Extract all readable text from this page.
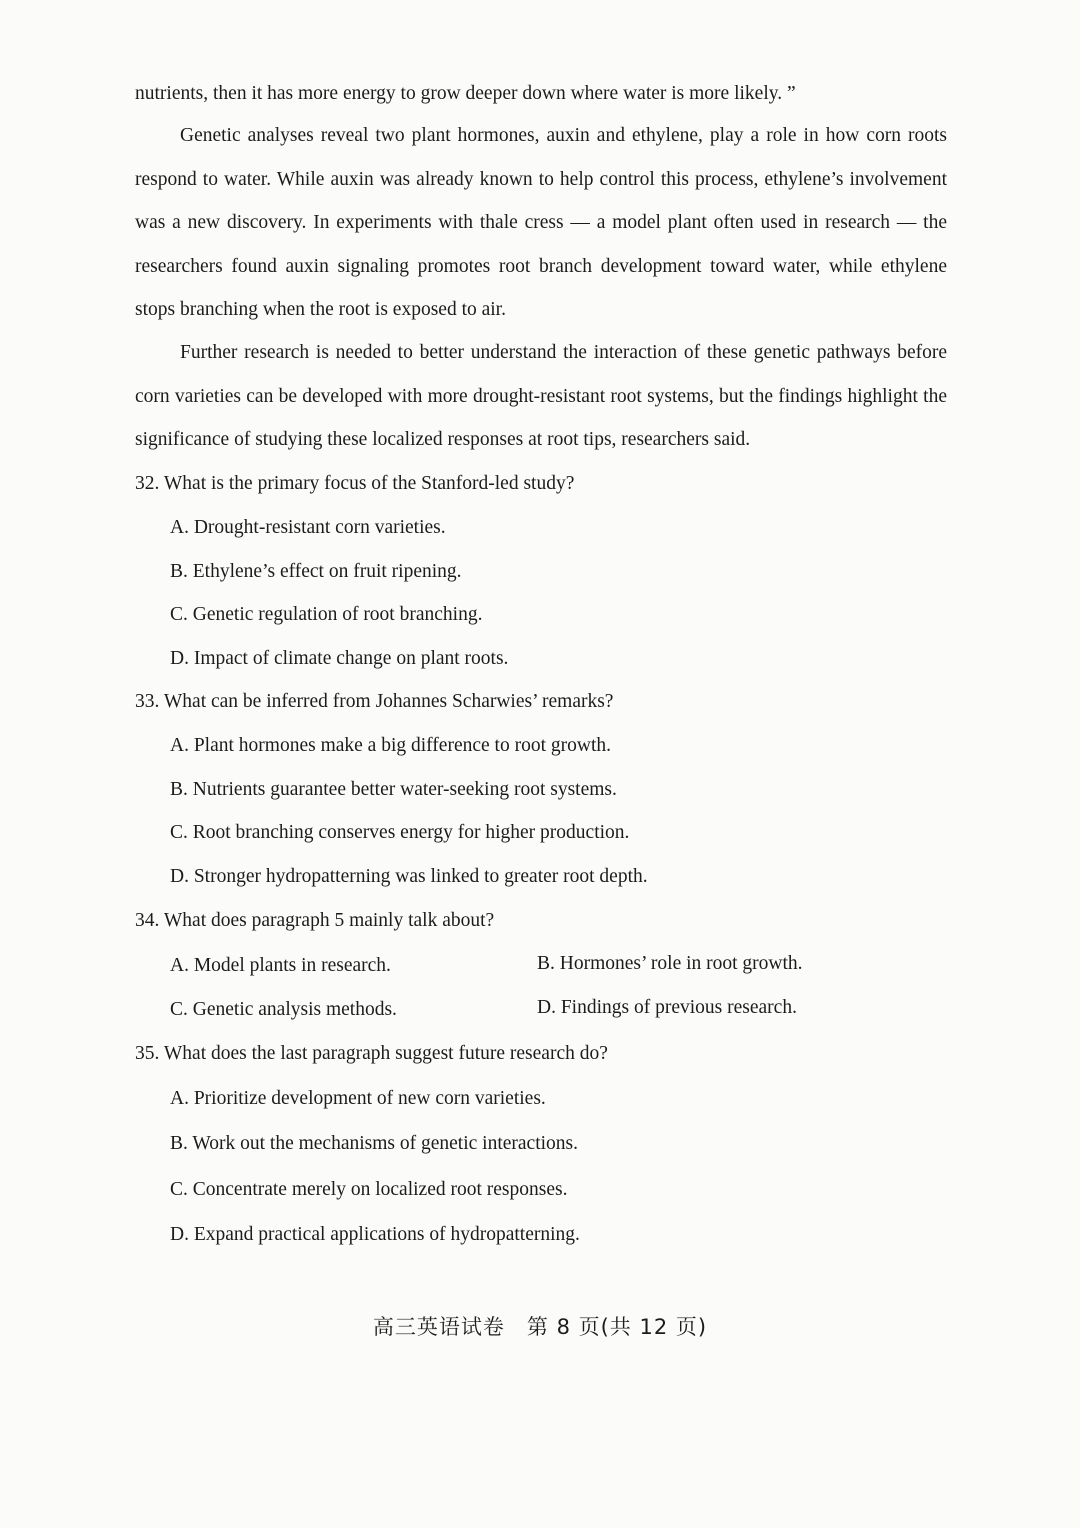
nutrients, then it has more energy to grow deeper down where water is more likely. ”

Genetic analyses reveal two plant hormones, auxin and ethylene, play a role in how corn roots respond to water. While auxin was already known to help control this process, ethylene’s involvement was a new discovery. In experiments with thale cress — a model plant often used in research — the researchers found auxin signaling promotes root branch development toward water, while ethylene stops branching when the root is exposed to air.

Further research is needed to better understand the interaction of these genetic pathways before corn varieties can be developed with more drought-resistant root systems, but the findings highlight the significance of studying these localized responses at root tips, researchers said.

32. What is the primary focus of the Stanford-led study?
A. Drought-resistant corn varieties.
B. Ethylene’s effect on fruit ripening.
C. Genetic regulation of root branching.
D. Impact of climate change on plant roots.
33. What can be inferred from Johannes Scharwies’ remarks?
A. Plant hormones make a big difference to root growth.
B. Nutrients guarantee better water-seeking root systems.
C. Root branching conserves energy for higher production.
D. Stronger hydropatterning was linked to greater root depth.
34. What does paragraph 5 mainly talk about?
A. Model plants in research.	B. Hormones’ role in root growth.
C. Genetic analysis methods.	D. Findings of previous research.
35. What does the last paragraph suggest future research do?
A. Prioritize development of new corn varieties.
B. Work out the mechanisms of genetic interactions.
C. Concentrate merely on localized root responses.
D. Expand practical applications of hydropatterning.
高三英语试卷　第 8 页(共 12 页)
